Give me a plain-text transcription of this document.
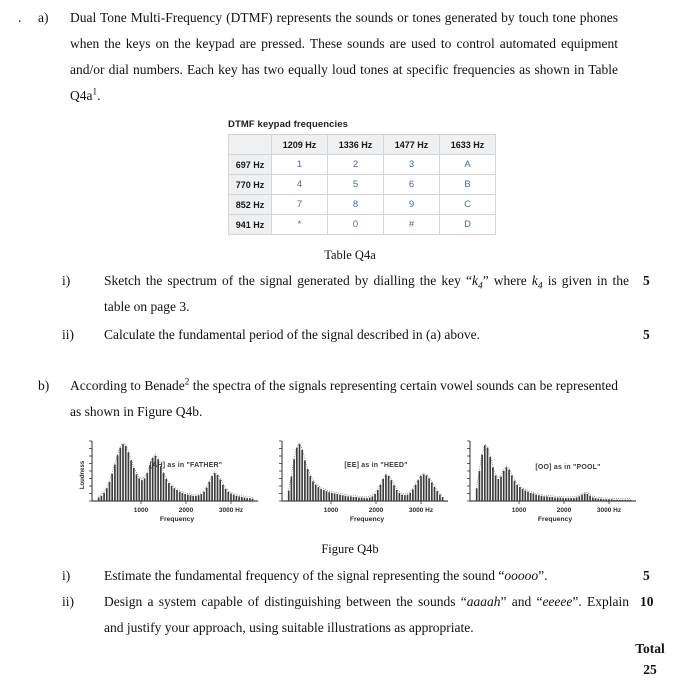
. a)	Dual Tone Multi-Frequency (DTMF) represents the sounds or tones generated by touch tone phones when the keys on the keypad are pressed. These sounds are used to control automated equipment and/or dial numbers. Each key has two equally loud tones at specific frequencies as shown in Table $Q4a^1$.
DTMF keypad frequencies
	1209 Hz	1336 Hz	1477 Hz	1633 Hz
697 Hz	1	2	3	A
770 Hz	4	5	6	B
852 Hz	7	8	9	C
941 Hz	*	0	#	D
Table Q4a
i)	Sketch the spectrum of the signal generated by dialling the key “$k_4$” where $k_4$ is given in the table on page 3.
5
ii)	Calculate the fundamental period of the signal described in (a) above.	5
b)	According to Benade$^2$ the spectra of the signals representing certain vowel sounds can be represented as shown in Figure Q4b.
1000	2000	3000 Hz
Frequency
Loudness	[AH] as in "FATHER"
1000	2000	3000 Hz
Frequency
[EE] as in "HEED"
1000	2000	3000 Hz
Frequency
[OO] as in "POOL"
Figure Q4b
i)	Estimate the fundamental frequency of the signal representing the sound “ooooo”.	5
ii)	Design a system capable of distinguishing between the sounds “aaaah” and “eeeee”. Explain and justify your approach, using suitable illustrations as appropriate.
10
Total
25
